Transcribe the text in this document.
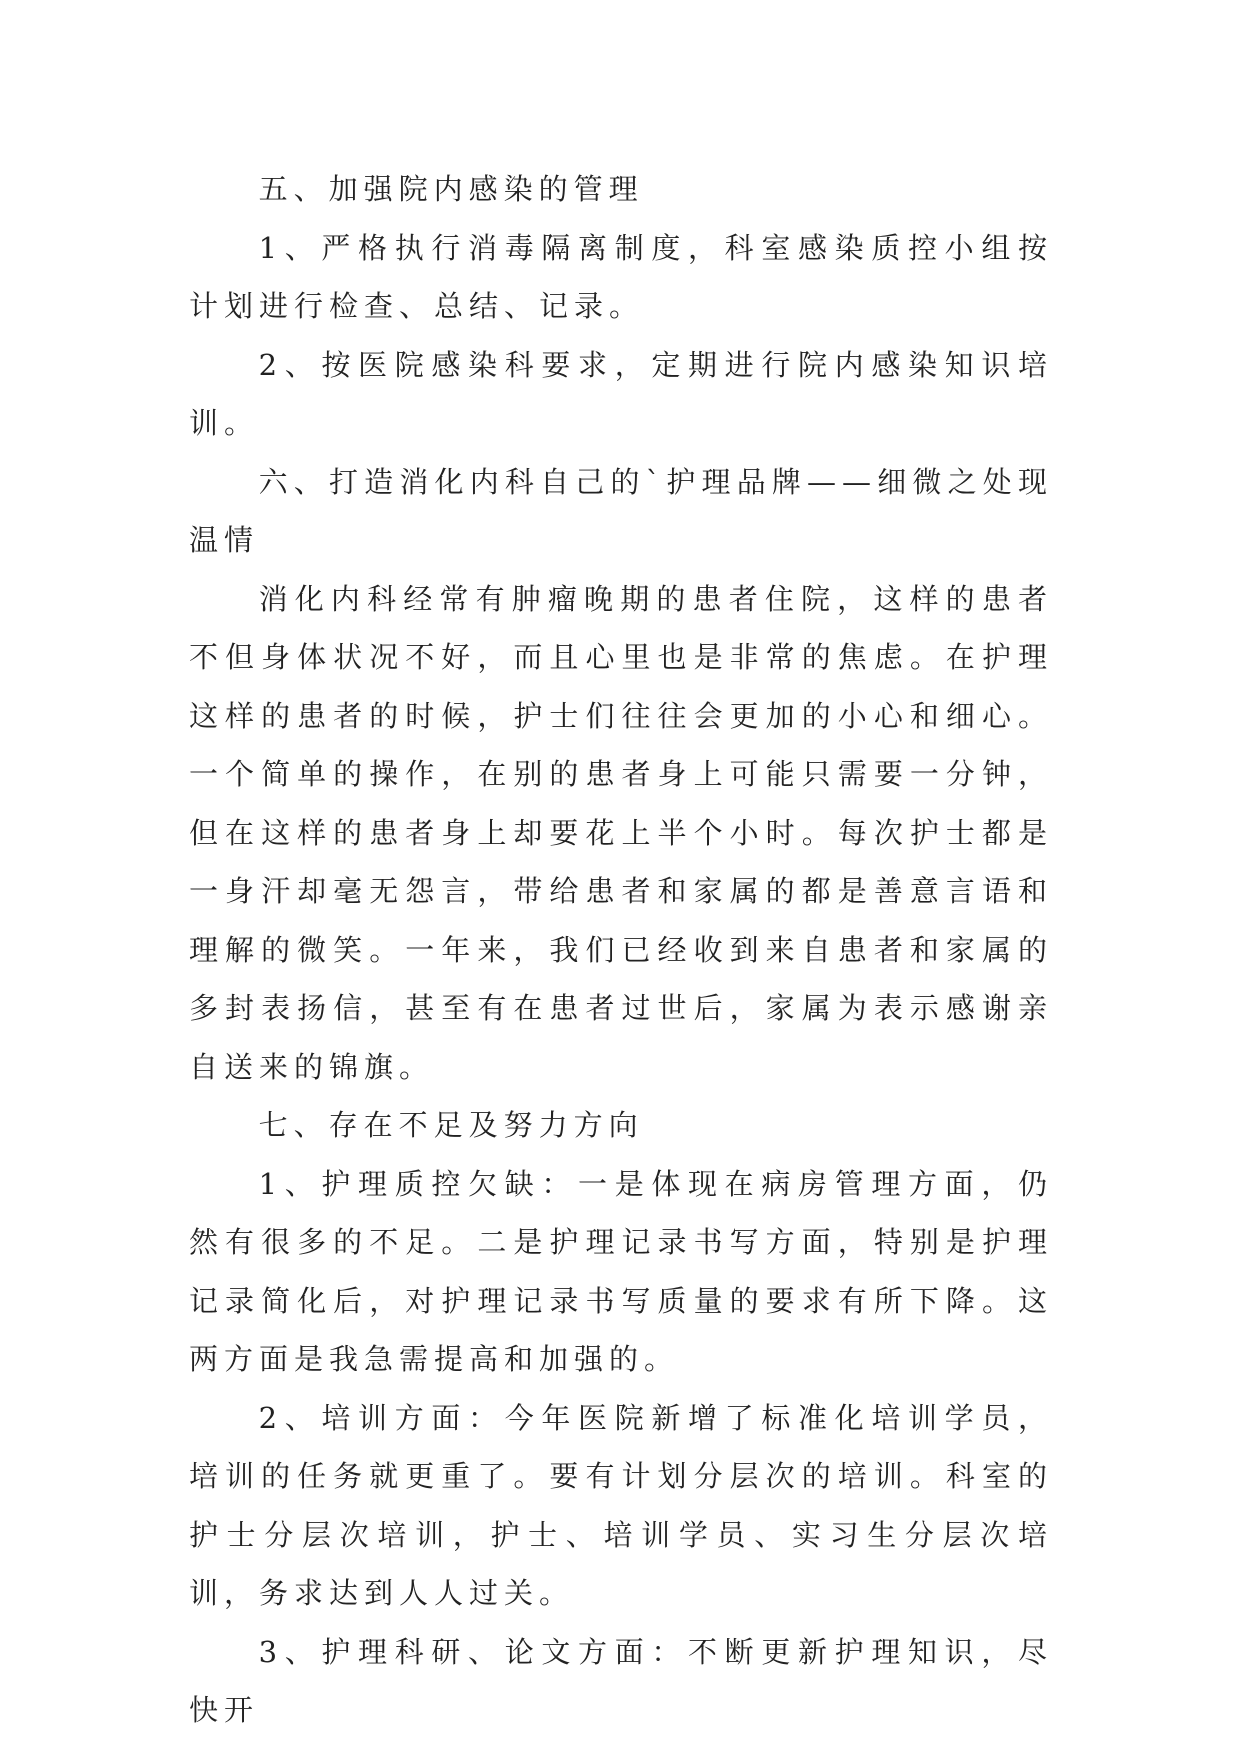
五、加强院内感染的管理

1、严格执行消毒隔离制度，科室感染质控小组按计划进行检查、总结、记录。

2、按医院感染科要求，定期进行院内感染知识培训。

六、打造消化内科自己的`护理品牌——细微之处现温情

消化内科经常有肿瘤晚期的患者住院，这样的患者不但身体状况不好，而且心里也是非常的焦虑。在护理这样的患者的时候，护士们往往会更加的小心和细心。一个简单的操作，在别的患者身上可能只需要一分钟，但在这样的患者身上却要花上半个小时。每次护士都是一身汗却毫无怨言，带给患者和家属的都是善意言语和理解的微笑。一年来，我们已经收到来自患者和家属的多封表扬信，甚至有在患者过世后，家属为表示感谢亲自送来的锦旗。

七、存在不足及努力方向

1、护理质控欠缺：一是体现在病房管理方面，仍然有很多的不足。二是护理记录书写方面，特别是护理记录简化后，对护理记录书写质量的要求有所下降。这两方面是我急需提高和加强的。

2、培训方面：今年医院新增了标准化培训学员，培训的任务就更重了。要有计划分层次的培训。科室的护士分层次培训，护士、培训学员、实习生分层次培训，务求达到人人过关。

3、护理科研、论文方面：不断更新护理知识，尽快开
